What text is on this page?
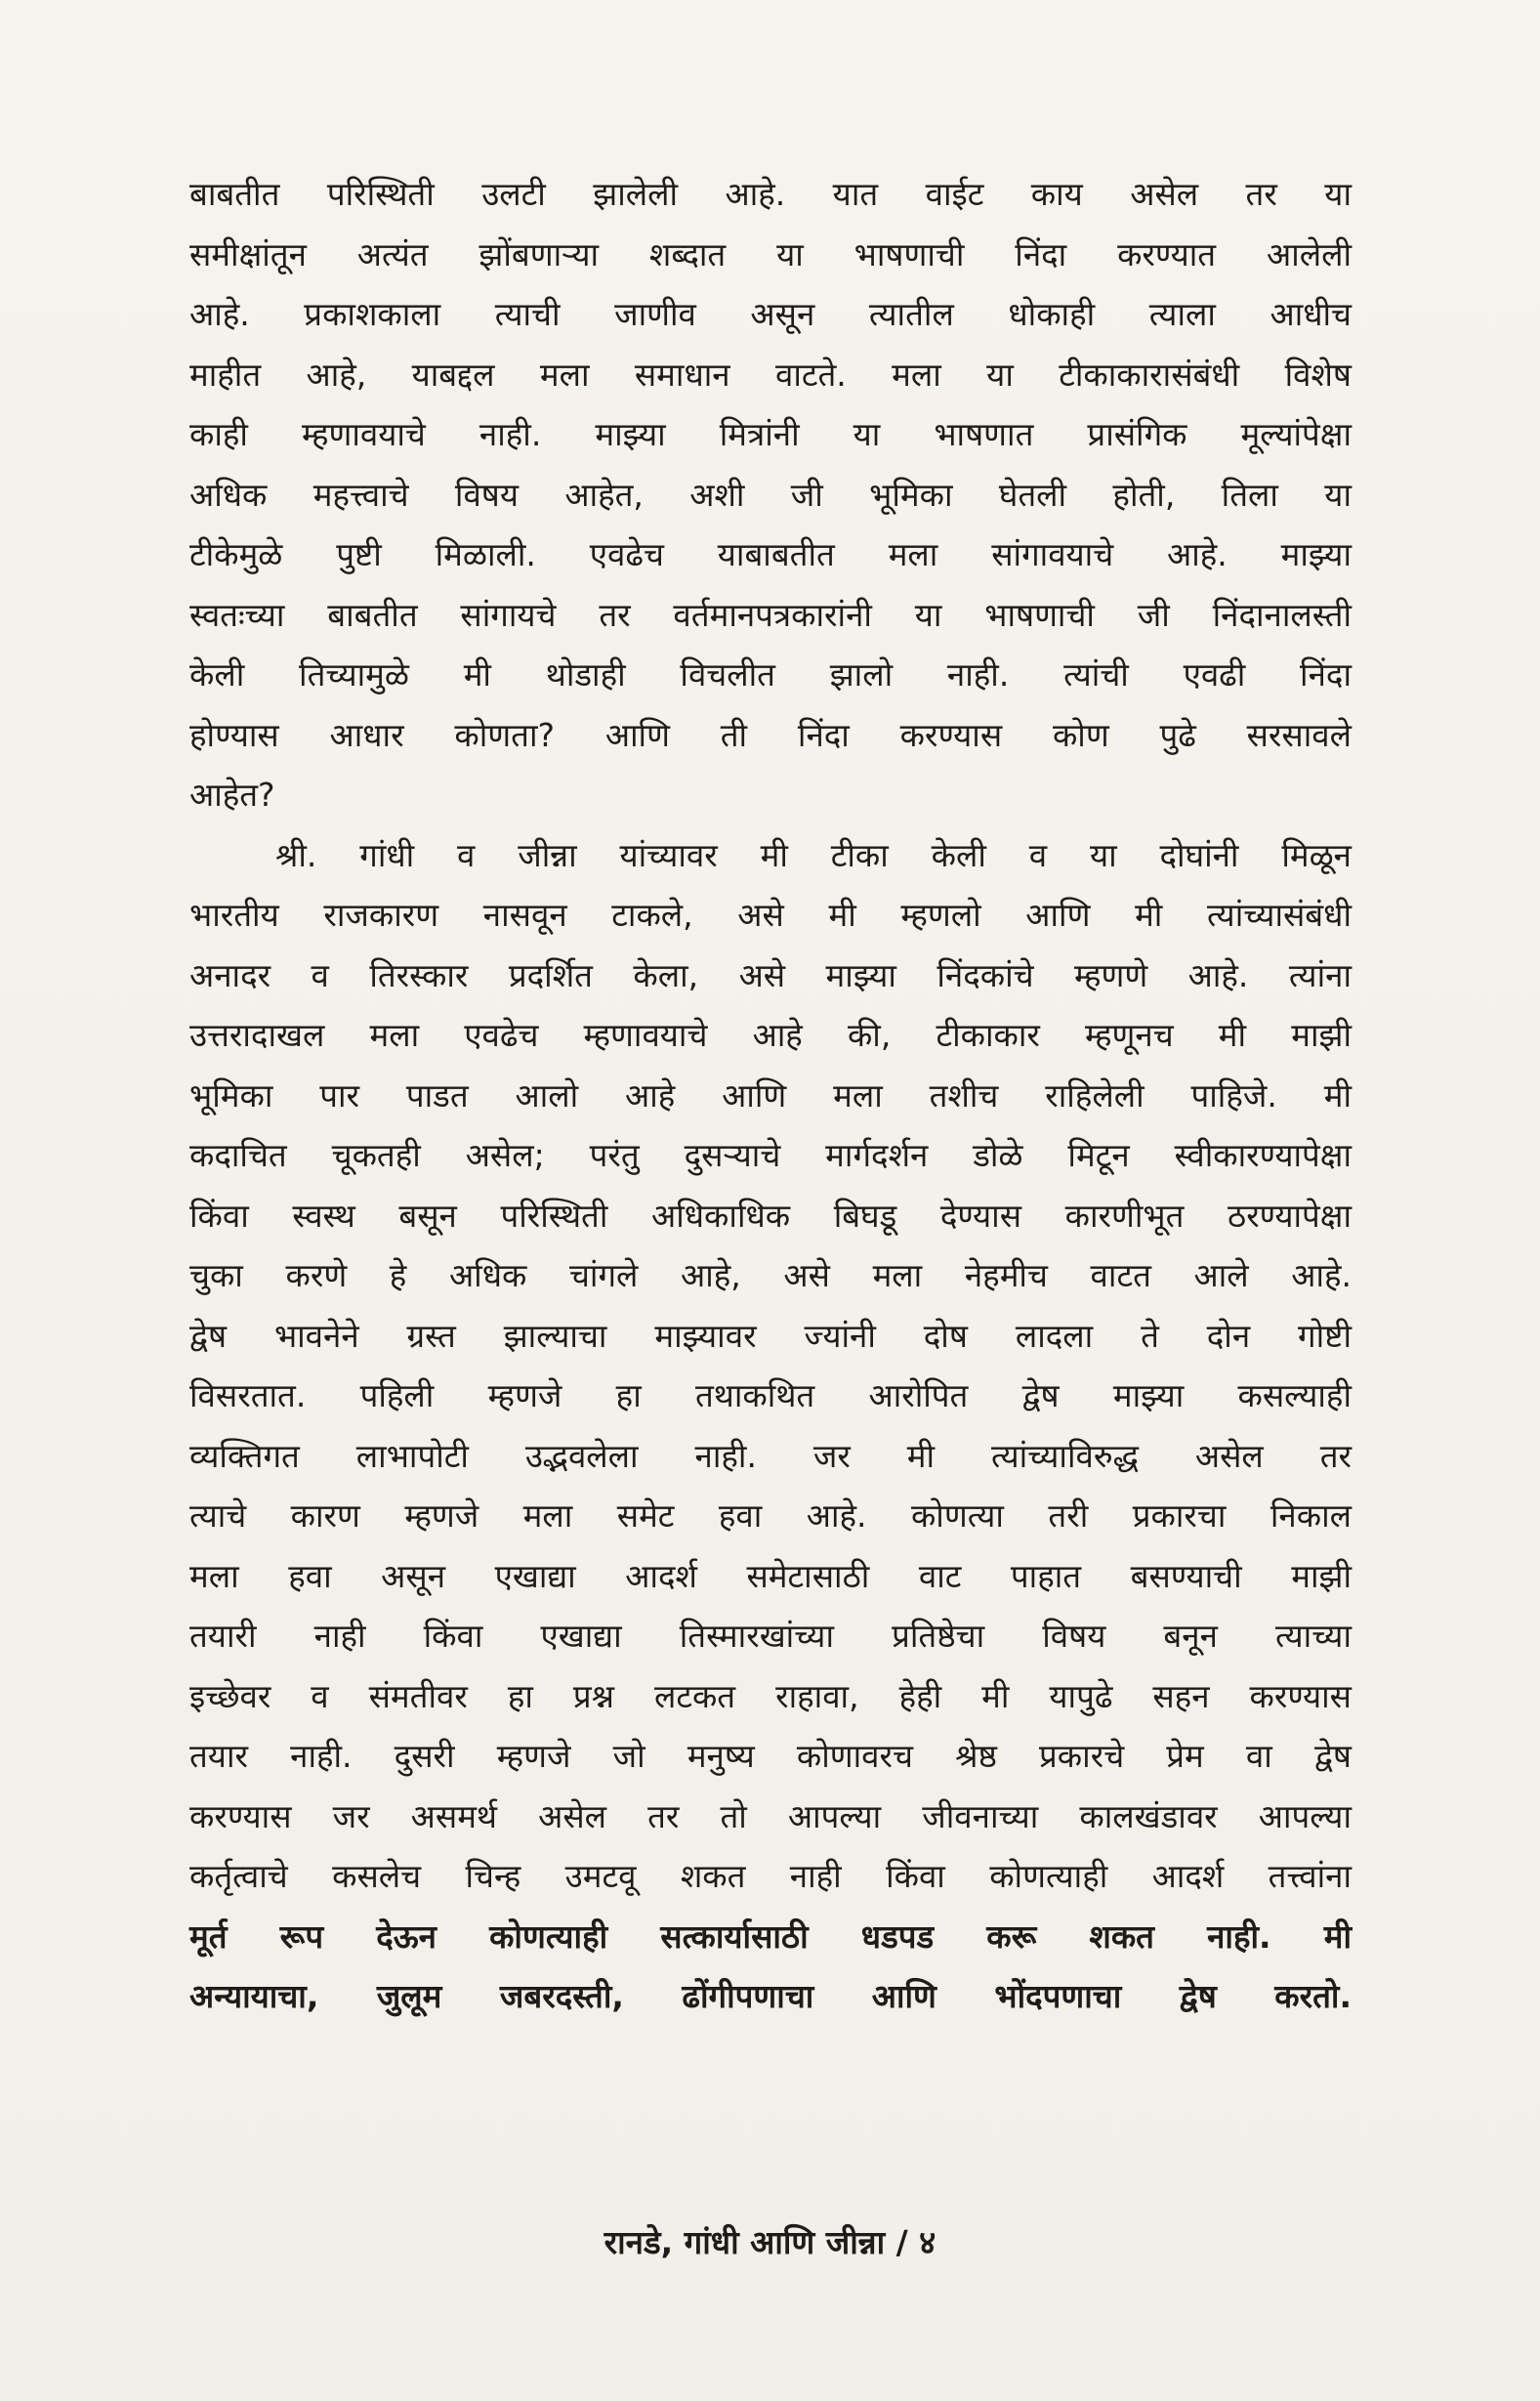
बाबतीत परिस्थिती उलटी झालेली आहे. यात वाईट काय असेल तर या
समीक्षांतून अत्यंत झोंबणाऱ्या शब्दात या भाषणाची निंदा करण्यात आलेली
आहे. प्रकाशकाला त्याची जाणीव असून त्यातील धोकाही त्याला आधीच
माहीत आहे, याबद्दल मला समाधान वाटते. मला या टीकाकारासंबंधी विशेष
काही म्हणावयाचे नाही. माझ्या मित्रांनी या भाषणात प्रासंगिक मूल्यांपेक्षा
अधिक महत्त्वाचे विषय आहेत, अशी जी भूमिका घेतली होती, तिला या
टीकेमुळे पुष्टी मिळाली. एवढेच याबाबतीत मला सांगावयाचे आहे. माझ्या
स्वतःच्या बाबतीत सांगायचे तर वर्तमानपत्रकारांनी या भाषणाची जी निंदानालस्ती
केली तिच्यामुळे मी थोडाही विचलीत झालो नाही. त्यांची एवढी निंदा
होण्यास आधार कोणता? आणि ती निंदा करण्यास कोण पुढे सरसावले
आहेत?
श्री. गांधी व जीन्ना यांच्यावर मी टीका केली व या दोघांनी मिळून
भारतीय राजकारण नासवून टाकले, असे मी म्हणलो आणि मी त्यांच्यासंबंधी
अनादर व तिरस्कार प्रदर्शित केला, असे माझ्या निंदकांचे म्हणणे आहे. त्यांना
उत्तरादाखल मला एवढेच म्हणावयाचे आहे की, टीकाकार म्हणूनच मी माझी
भूमिका पार पाडत आलो आहे आणि मला तशीच राहिलेली पाहिजे. मी
कदाचित चूकतही असेल; परंतु दुसऱ्याचे मार्गदर्शन डोळे मिटून स्वीकारण्यापेक्षा
किंवा स्वस्थ बसून परिस्थिती अधिकाधिक बिघडू देण्यास कारणीभूत ठरण्यापेक्षा
चुका करणे हे अधिक चांगले आहे, असे मला नेहमीच वाटत आले आहे.
द्वेष भावनेने ग्रस्त झाल्याचा माझ्यावर ज्यांनी दोष लादला ते दोन गोष्टी
विसरतात. पहिली म्हणजे हा तथाकथित आरोपित द्वेष माझ्या कसल्याही
व्यक्तिगत लाभापोटी उद्भवलेला नाही. जर मी त्यांच्याविरुद्ध असेल तर
त्याचे कारण म्हणजे मला समेट हवा आहे. कोणत्या तरी प्रकारचा निकाल
मला हवा असून एखाद्या आदर्श समेटासाठी वाट पाहात बसण्याची माझी
तयारी नाही किंवा एखाद्या तिस्मारखांच्या प्रतिष्ठेचा विषय बनून त्याच्या
इच्छेवर व संमतीवर हा प्रश्न लटकत राहावा, हेही मी यापुढे सहन करण्यास
तयार नाही. दुसरी म्हणजे जो मनुष्य कोणावरच श्रेष्ठ प्रकारचे प्रेम वा द्वेष
करण्यास जर असमर्थ असेल तर तो आपल्या जीवनाच्या कालखंडावर आपल्या
कर्तृत्वाचे कसलेच चिन्ह उमटवू शकत नाही किंवा कोणत्याही आदर्श तत्त्वांना
मूर्त रूप देऊन कोणत्याही सत्कार्यासाठी धडपड करू शकत नाही. मी
अन्यायाचा, जुलूम जबरदस्ती, ढोंगीपणाचा आणि भोंदपणाचा द्वेष करतो.
रानडे, गांधी आणि जीन्ना / ४
